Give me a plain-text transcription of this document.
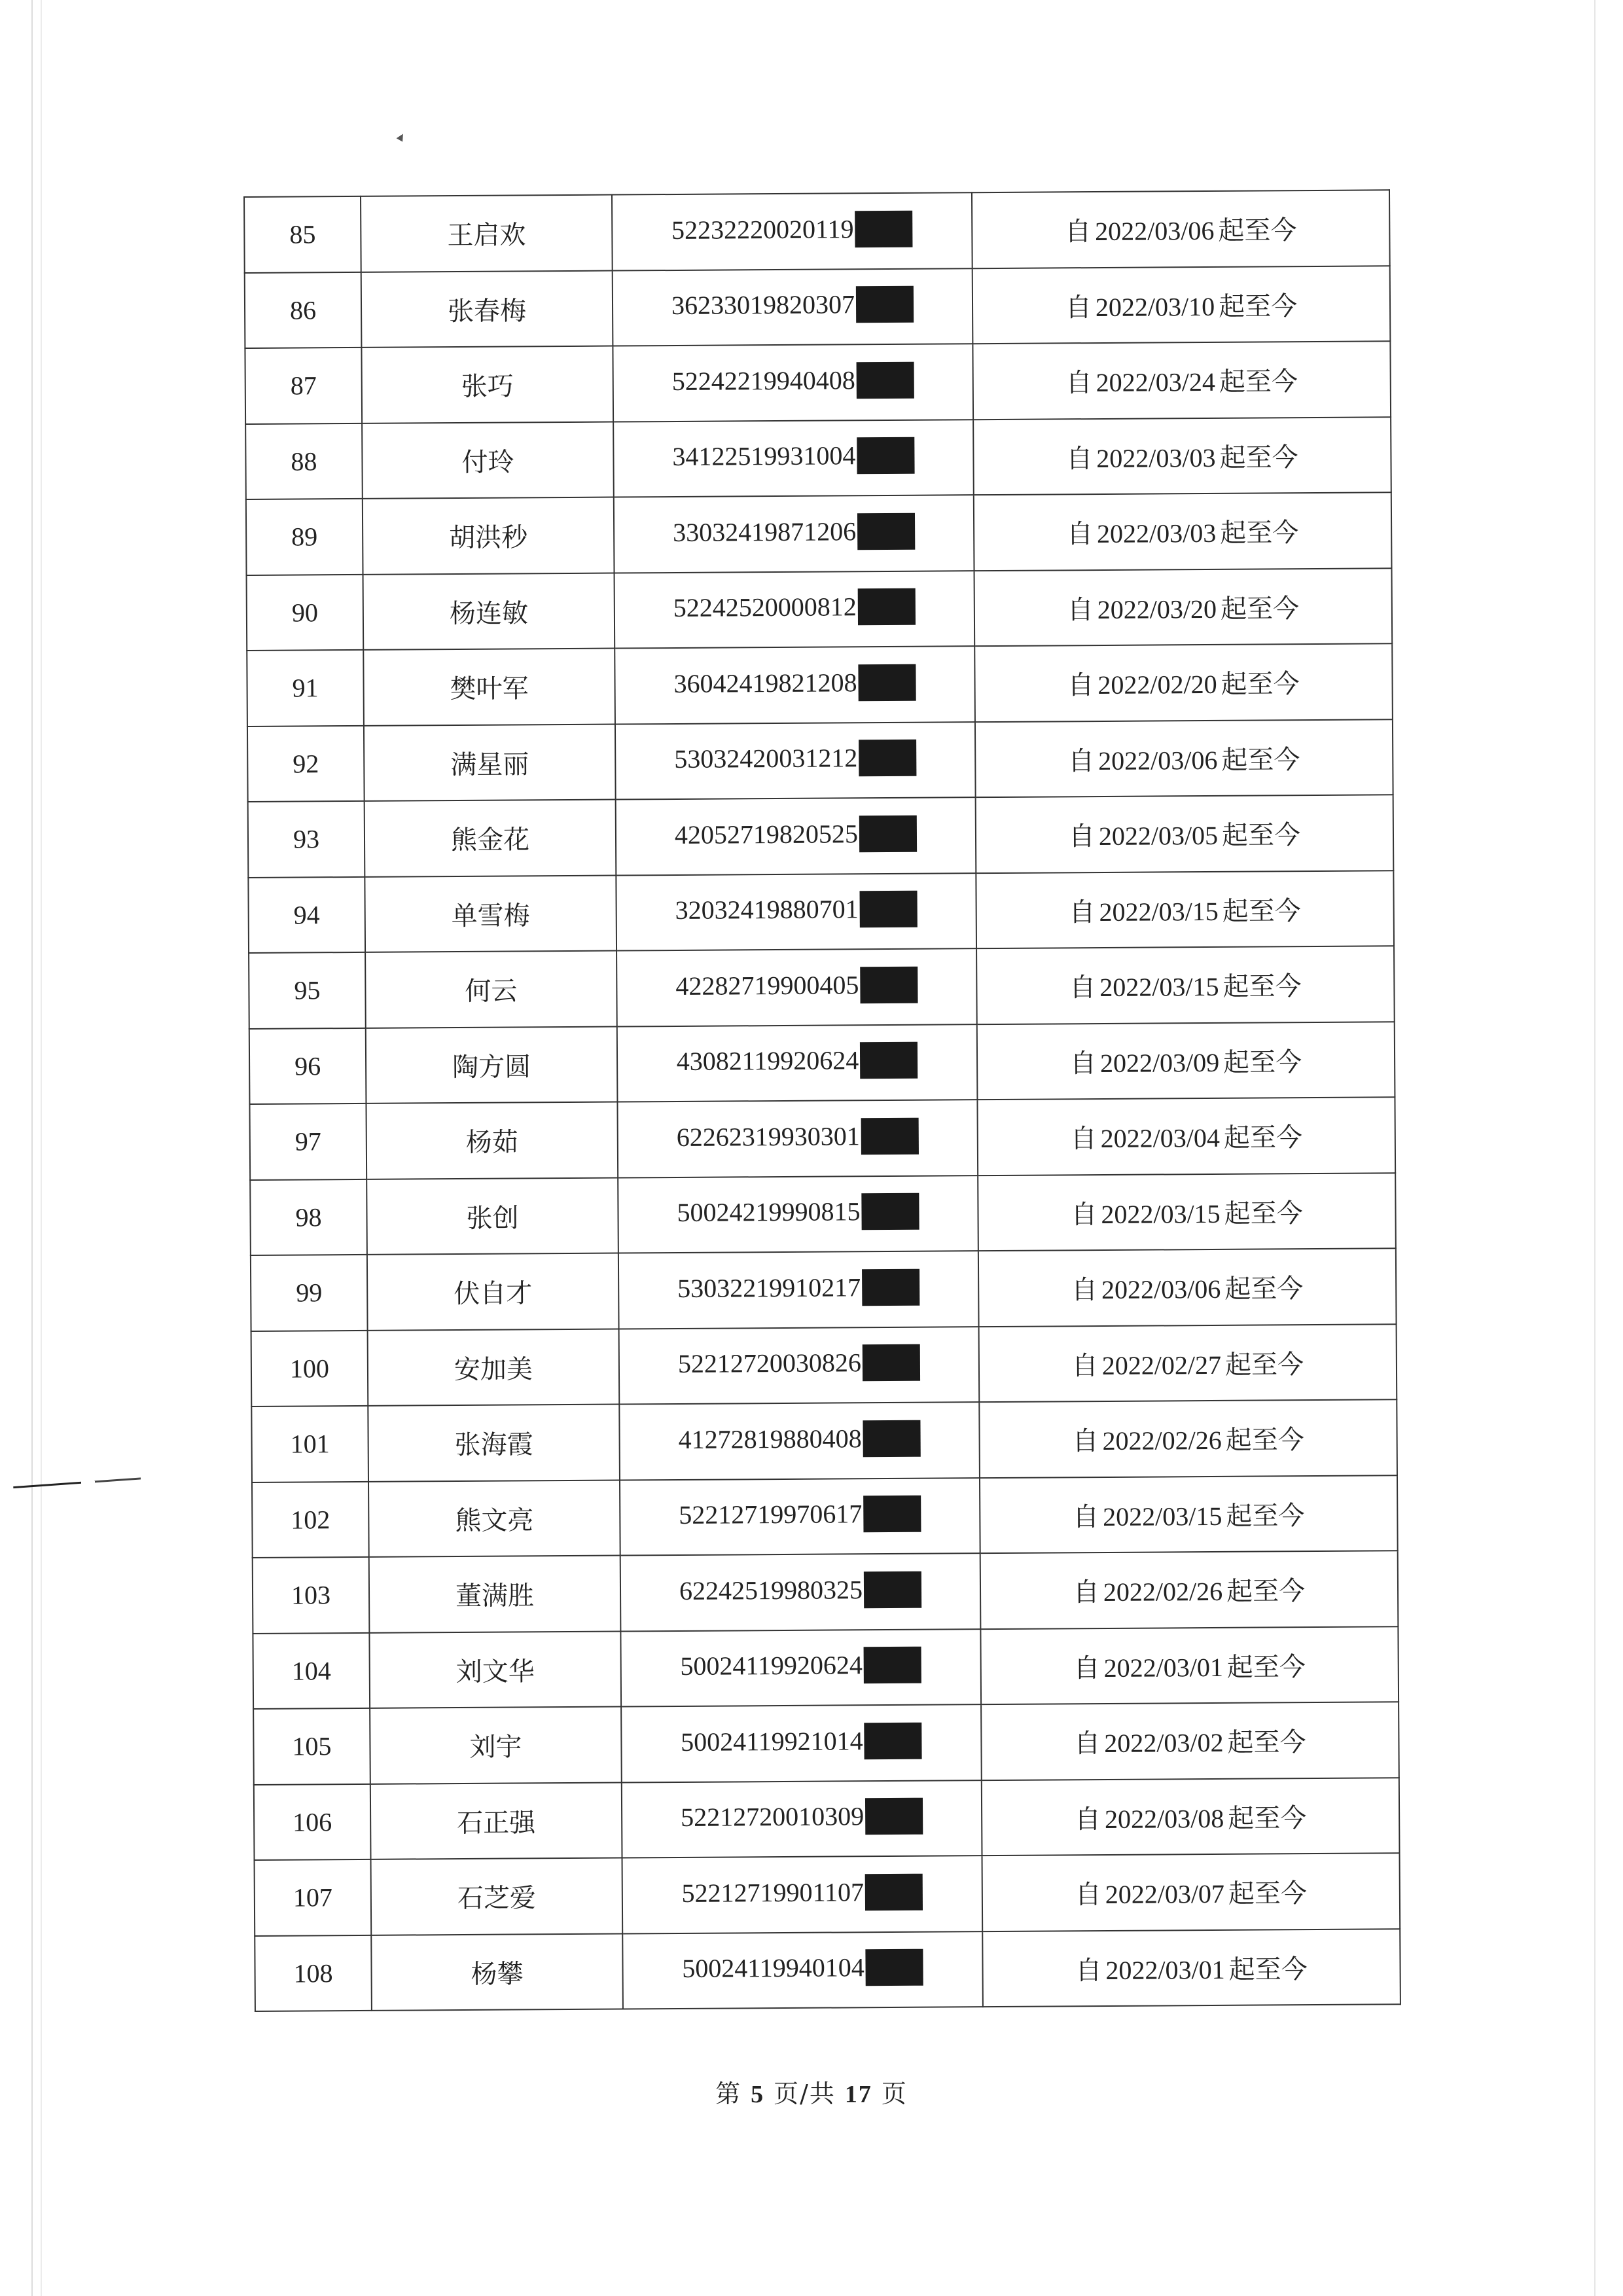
▴
85	王启欢	52232220020119	自 2022/03/06 起至今
86	张春梅	36233019820307	自 2022/03/10 起至今
87	张巧	52242219940408	自 2022/03/24 起至今
88	付玲	34122519931004	自 2022/03/03 起至今
89	胡洪秒	33032419871206	自 2022/03/03 起至今
90	杨连敏	52242520000812	自 2022/03/20 起至今
91	樊叶军	36042419821208	自 2022/02/20 起至今
92	满星丽	53032420031212	自 2022/03/06 起至今
93	熊金花	42052719820525	自 2022/03/05 起至今
94	单雪梅	32032419880701	自 2022/03/15 起至今
95	何云	42282719900405	自 2022/03/15 起至今
96	陶方圆	43082119920624	自 2022/03/09 起至今
97	杨茹	62262319930301	自 2022/03/04 起至今
98	张创	50024219990815	自 2022/03/15 起至今
99	伏自才	53032219910217	自 2022/03/06 起至今
100	安加美	52212720030826	自 2022/02/27 起至今
101	张海霞	41272819880408	自 2022/02/26 起至今
102	熊文亮	52212719970617	自 2022/03/15 起至今
103	董满胜	62242519980325	自 2022/02/26 起至今
104	刘文华	50024119920624	自 2022/03/01 起至今
105	刘宇	50024119921014	自 2022/03/02 起至今
106	石正强	52212720010309	自 2022/03/08 起至今
107	石芝爱	52212719901107	自 2022/03/07 起至今
108	杨攀	50024119940104	自 2022/03/01 起至今
第 5 页/共 17 页
